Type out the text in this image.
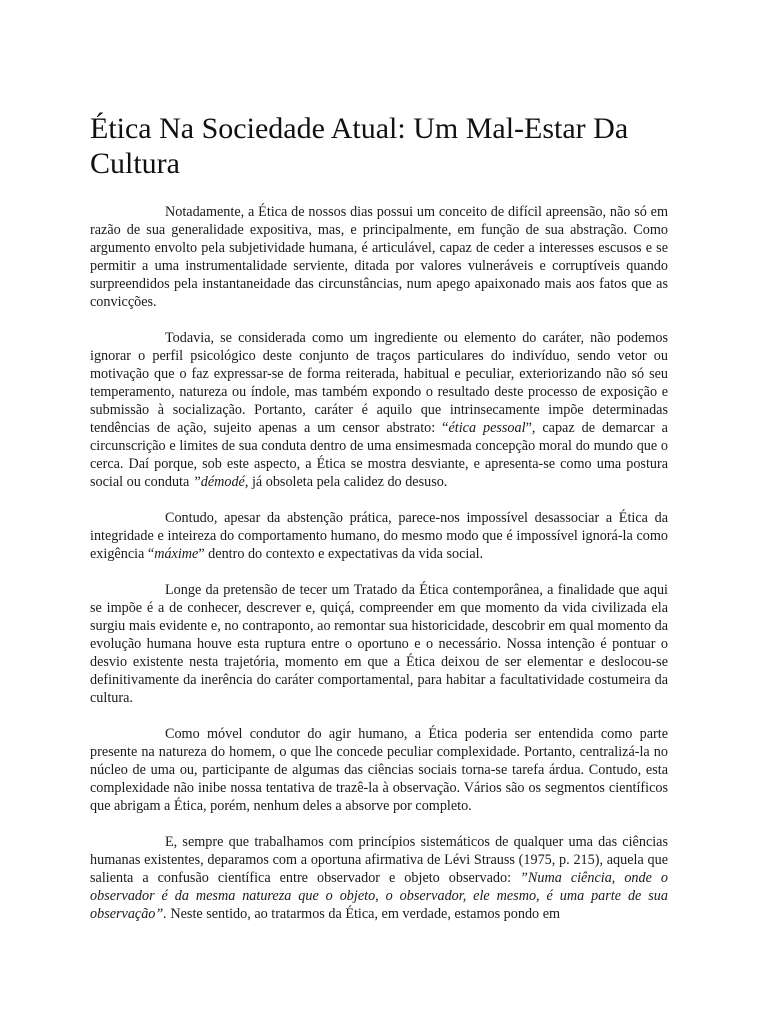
Ética Na Sociedade Atual: Um Mal-Estar Da Cultura

Notadamente, a Ética de nossos dias possui um conceito de difícil apreensão, não só em razão de sua generalidade expositiva, mas, e principalmente, em função de sua abstração. Como argumento envolto pela subjetividade humana, é articulável, capaz de ceder a interesses escusos e se permitir a uma instrumentalidade serviente, ditada por valores vulneráveis e corruptíveis quando surpreendidos pela instantaneidade das circunstâncias, num apego apaixonado mais aos fatos que as convicções.

Todavia, se considerada como um ingrediente ou elemento do caráter, não podemos ignorar o perfil psicológico deste conjunto de traços particulares do indivíduo, sendo vetor ou motivação que o faz expressar-se de forma reiterada, habitual e peculiar, exteriorizando não só seu temperamento, natureza ou índole, mas também expondo o resultado deste processo de exposição e submissão à socialização. Portanto, caráter é aquilo que intrinsecamente impõe determinadas tendências de ação, sujeito apenas a um censor abstrato: “ética pessoal”, capaz de demarcar a circunscrição e limites de sua conduta dentro de uma ensimesmada concepção moral do mundo que o cerca. Daí porque, sob este aspecto, a Ética se mostra desviante, e apresenta-se como uma postura social ou conduta ”démodé, já obsoleta pela calidez do desuso.

Contudo, apesar da abstenção prática, parece-nos impossível desassociar a Ética da integridade e inteireza do comportamento humano, do mesmo modo que é impossível ignorá-la como exigência “máxime” dentro do contexto e expectativas da vida social.

Longe da pretensão de tecer um Tratado da Ética contemporânea, a finalidade que aqui se impõe é a de conhecer, descrever e, quiçá, compreender em que momento da vida civilizada ela surgiu mais evidente e, no contraponto, ao remontar sua historicidade, descobrir em qual momento da evolução humana houve esta ruptura entre o oportuno e o necessário. Nossa intenção é pontuar o desvio existente nesta trajetória, momento em que a Ética deixou de ser elementar e deslocou-se definitivamente da inerência do caráter comportamental, para habitar a facultatividade costumeira da cultura.

Como móvel condutor do agir humano, a Ética poderia ser entendida como parte presente na natureza do homem, o que lhe concede peculiar complexidade. Portanto, centralizá-la no núcleo de uma ou, participante de algumas das ciências sociais torna-se tarefa árdua. Contudo, esta complexidade não inibe nossa tentativa de trazê-la à observação. Vários são os segmentos científicos que abrigam a Ética, porém, nenhum deles a absorve por completo.

E, sempre que trabalhamos com princípios sistemáticos de qualquer uma das ciências humanas existentes, deparamos com a oportuna afirmativa de Lévi Strauss (1975, p. 215), aquela que salienta a confusão científica entre observador e objeto observado: ”Numa ciência, onde o observador é da mesma natureza que o objeto, o observador, ele mesmo, é uma parte de sua observação”. Neste sentido, ao tratarmos da Ética, em verdade, estamos pondo em
